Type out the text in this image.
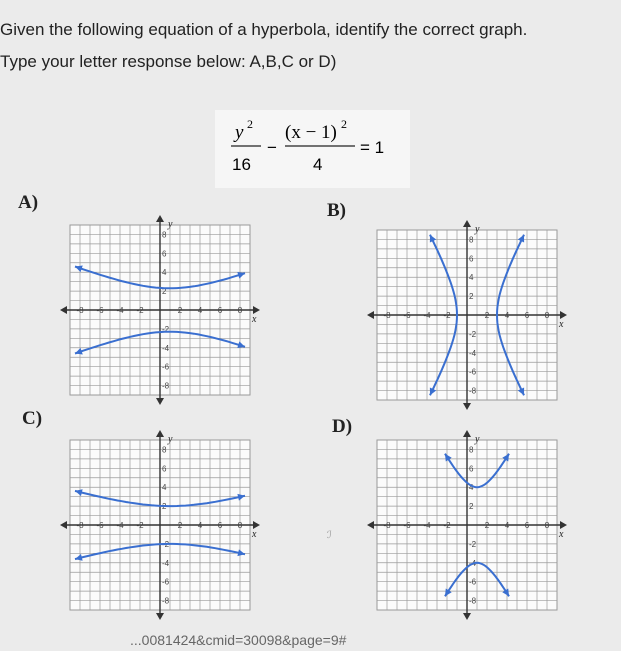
Given the following equation of a hyperbola, identify the correct graph.
Type your letter response below: A,B,C or D)
y 2
16
−
(x − 1) 2
4
= 1
A)	B)
C)	D)
-8 -6 -4 -2	2 4 6 8
8
6
4
2
-2
-4
-6
-8
x
y
-8 -6 -4 -2	2 4 6 8
8
6
4
2
-2
-4
-6
-8
x
y
-8 -6 -4 -2	2 4 6 8
8
6
4
2
-2
-4
-6
-8
x
y
-8 -6 -4 -2	2 4 6 8
8
6
4
2
-2
-4
-6
-8
x
y
ℐ
...0081424&cmid=30098&page=9#
